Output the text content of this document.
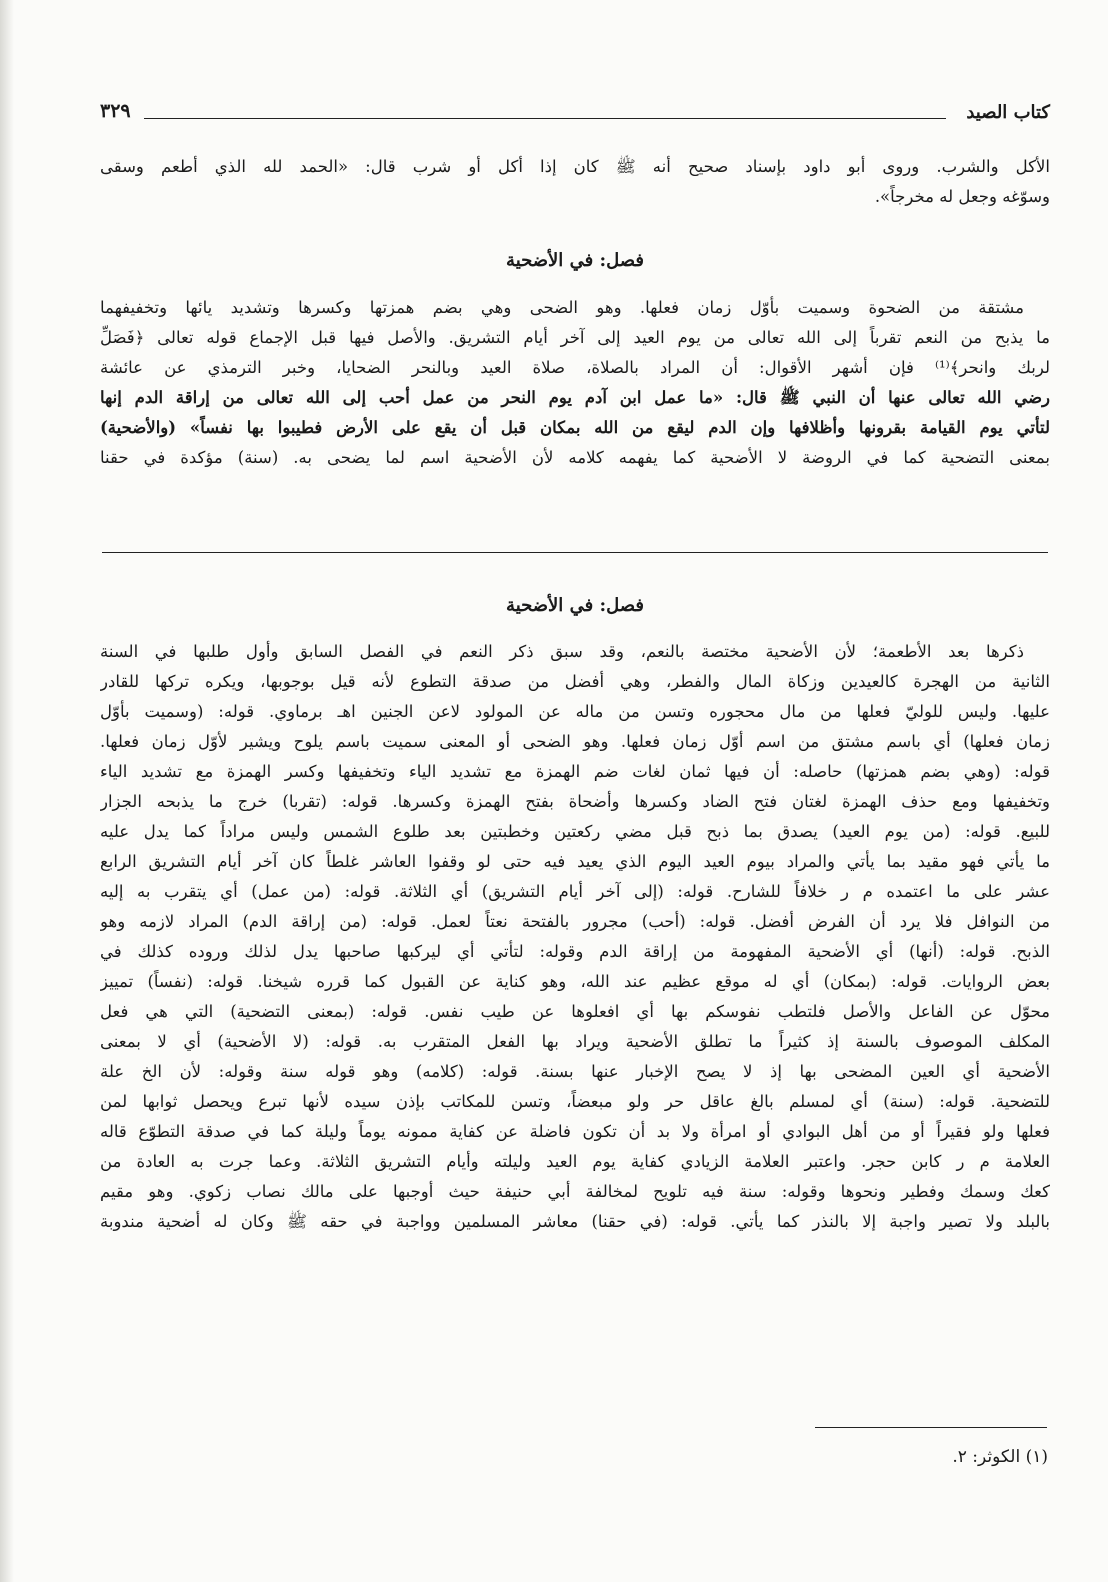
كتاب الصيد
٣٢٩
الأكل والشرب. وروى أبو داود بإسناد صحيح أنه ﷺ كان إذا أكل أو شرب قال: «الحمد لله الذي أطعم وسقى
وسوّغه وجعل له مخرجاً».
فصل: في الأضحية
مشتقة من الضحوة وسميت بأوّل زمان فعلها. وهو الضحى وهي بضم همزتها وكسرها وتشديد يائها وتخفيفهما
ما يذبح من النعم تقرباً إلى الله تعالى من يوم العيد إلى آخر أيام التشريق. والأصل فيها قبل الإجماع قوله تعالى ﴿فَصَلِّ
لربك وانحر﴾⁽¹⁾ فإن أشهر الأقوال: أن المراد بالصلاة، صلاة العيد وبالنحر الضحايا، وخبر الترمذي عن عائشة
رضي الله تعالى عنها أن النبي ﷺ قال: «ما عمل ابن آدم يوم النحر من عمل أحب إلى الله تعالى من إراقة الدم إنها
لتأتي يوم القيامة بقرونها وأظلافها وإن الدم ليقع من الله بمكان قبل أن يقع على الأرض فطيبوا بها نفساً» (والأضحية)
بمعنى التضحية كما في الروضة لا الأضحية كما يفهمه كلامه لأن الأضحية اسم لما يضحى به. (سنة) مؤكدة في حقنا
فصل: في الأضحية
ذكرها بعد الأطعمة؛ لأن الأضحية مختصة بالنعم، وقد سبق ذكر النعم في الفصل السابق وأول طلبها في السنة
الثانية من الهجرة كالعيدين وزكاة المال والفطر، وهي أفضل من صدقة التطوع لأنه قيل بوجوبها، ويكره تركها للقادر
عليها. وليس للوليّ فعلها من مال محجوره وتسن من ماله عن المولود لاعن الجنين اهـ برماوي. قوله: (وسميت بأوّل
زمان فعلها) أي باسم مشتق من اسم أوّل زمان فعلها. وهو الضحى أو المعنى سميت باسم يلوح ويشير لأوّل زمان فعلها.
قوله: (وهي بضم همزتها) حاصله: أن فيها ثمان لغات ضم الهمزة مع تشديد الياء وتخفيفها وكسر الهمزة مع تشديد الياء
وتخفيفها ومع حذف الهمزة لغتان فتح الضاد وكسرها وأضحاة بفتح الهمزة وكسرها. قوله: (تقربا) خرج ما يذبحه الجزار
للبيع. قوله: (من يوم العيد) يصدق بما ذبح قبل مضي ركعتين وخطبتين بعد طلوع الشمس وليس مراداً كما يدل عليه
ما يأتي فهو مقيد بما يأتي والمراد بيوم العيد اليوم الذي يعيد فيه حتى لو وقفوا العاشر غلطاً كان آخر أيام التشريق الرابع
عشر على ما اعتمده م ر خلافاً للشارح. قوله: (إلى آخر أيام التشريق) أي الثلاثة. قوله: (من عمل) أي يتقرب به إليه
من النوافل فلا يرد أن الفرض أفضل. قوله: (أحب) مجرور بالفتحة نعتاً لعمل. قوله: (من إراقة الدم) المراد لازمه وهو
الذبح. قوله: (أنها) أي الأضحية المفهومة من إراقة الدم وقوله: لتأتي أي ليركبها صاحبها يدل لذلك وروده كذلك في
بعض الروايات. قوله: (بمكان) أي له موقع عظيم عند الله، وهو كناية عن القبول كما قرره شيخنا. قوله: (نفساً) تمييز
محوّل عن الفاعل والأصل فلتطب نفوسكم بها أي افعلوها عن طيب نفس. قوله: (بمعنى التضحية) التي هي فعل
المكلف الموصوف بالسنة إذ كثيراً ما تطلق الأضحية ويراد بها الفعل المتقرب به. قوله: (لا الأضحية) أي لا بمعنى
الأضحية أي العين المضحى بها إذ لا يصح الإخبار عنها بسنة. قوله: (كلامه) وهو قوله سنة وقوله: لأن الخ علة
للتضحية. قوله: (سنة) أي لمسلم بالغ عاقل حر ولو مبعضاً، وتسن للمكاتب بإذن سيده لأنها تبرع ويحصل ثوابها لمن
فعلها ولو فقيراً أو من أهل البوادي أو امرأة ولا بد أن تكون فاضلة عن كفاية ممونه يوماً وليلة كما في صدقة التطوّع قاله
العلامة م ر كابن حجر. واعتبر العلامة الزيادي كفاية يوم العيد وليلته وأيام التشريق الثلاثة. وعما جرت به العادة من
كعك وسمك وفطير ونحوها وقوله: سنة فيه تلويح لمخالفة أبي حنيفة حيث أوجبها على مالك نصاب زكوي. وهو مقيم
بالبلد ولا تصير واجبة إلا بالنذر كما يأتي. قوله: (في حقنا) معاشر المسلمين وواجبة في حقه ﷺ وكان له أضحية مندوبة
(١) الكوثر: ٢.
